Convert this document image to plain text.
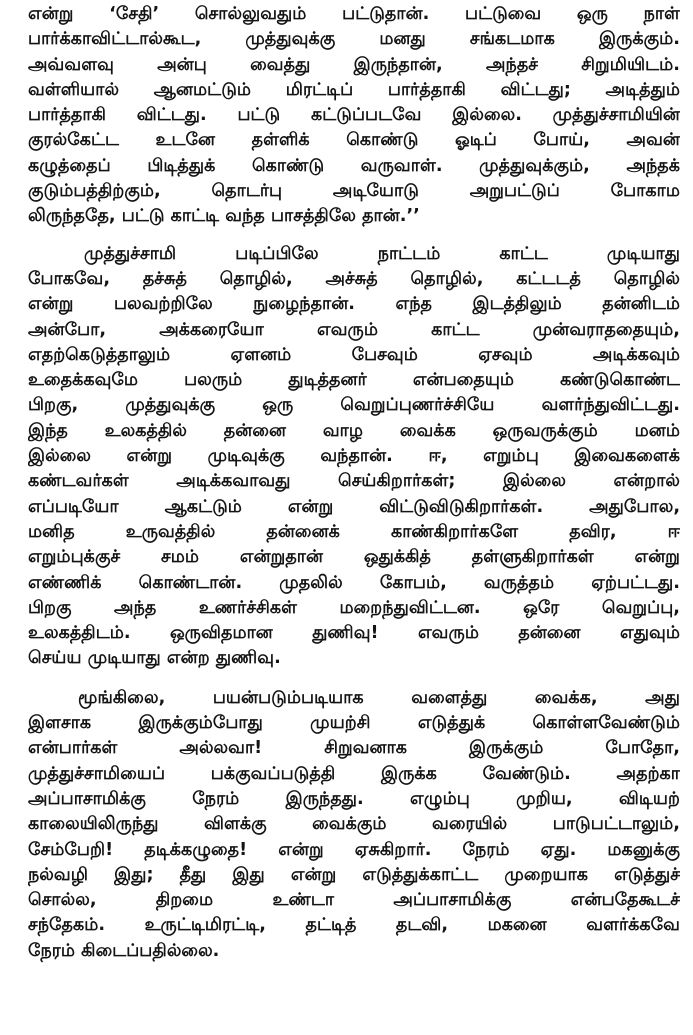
என்று ‘சேதி’ சொல்லுவதும் பட்டுதான். பட்டுவை ஒரு நாள்
பார்க்காவிட்டால்கூட, முத்துவுக்கு மனது சங்கடமாக இருக்கும்.
அவ்வளவு அன்பு வைத்து இருந்தான், அந்தச் சிறுமியிடம்.
வள்ளியால் ஆனமட்டும் மிரட்டிப் பார்த்தாகி விட்டது; அடித்தும்
பார்த்தாகி விட்டது. பட்டு கட்டுப்படவே இல்லை. முத்துச்சாமியின்
குரல்கேட்ட உடனே தள்ளிக் கொண்டு ஓடிப் போய், அவன்
கழுத்தைப் பிடித்துக் கொண்டு வருவாள். முத்துவுக்கும், அந்தக்
குடும்பத்திற்கும், தொடர்பு அடியோடு அறுபட்டுப் போகாம
லிருந்ததே, பட்டு காட்டி வந்த பாசத்திலே தான்.’’

முத்துச்சாமி படிப்பிலே நாட்டம் காட்ட முடியாது
போகவே, தச்சுத் தொழில், அச்சுத் தொழில், கட்டடத் தொழில்
என்று பலவற்றிலே நுழைந்தான். எந்த இடத்திலும் தன்னிடம்
அன்போ, அக்கரையோ எவரும் காட்ட முன்வராததையும்,
எதற்கெடுத்தாலும் ஏளனம் பேசவும் ஏசவும் அடிக்கவும்
உதைக்கவுமே பலரும் துடித்தனர் என்பதையும் கண்டுகொண்ட
பிறகு, முத்துவுக்கு ஒரு வெறுப்புணர்ச்சியே வளர்ந்துவிட்டது.
இந்த உலகத்தில் தன்னை வாழ வைக்க ஒருவருக்கும் மனம்
இல்லை என்று முடிவுக்கு வந்தான். ஈ, எறும்பு இவைகளைக்
கண்டவர்கள் அடிக்கவாவது செய்கிறார்கள்; இல்லை என்றால்
எப்படியோ ஆகட்டும் என்று விட்டுவிடுகிறார்கள். அதுபோல,
மனித உருவத்தில் தன்னைக் காண்கிறார்களே தவிர, ஈ
எறும்புக்குச் சமம் என்றுதான் ஒதுக்கித் தள்ளுகிறார்கள் என்று
எண்ணிக் கொண்டான். முதலில் கோபம், வருத்தம் ஏற்பட்டது.
பிறகு அந்த உணர்ச்சிகள் மறைந்துவிட்டன. ஒரே வெறுப்பு,
உலகத்திடம். ஒருவிதமான துணிவு! எவரும் தன்னை எதுவும்
செய்ய முடியாது என்ற துணிவு.

மூங்கிலை, பயன்படும்படியாக வளைத்து வைக்க, அது
இளசாக இருக்கும்போது முயற்சி எடுத்துக் கொள்ளவேண்டும்
என்பார்கள் அல்லவா! சிறுவனாக இருக்கும் போதோ,
முத்துச்சாமியைப் பக்குவப்படுத்தி இருக்க வேண்டும். அதற்கா
அப்பாசாமிக்கு நேரம் இருந்தது. எழும்பு முறிய, விடியற்
காலையிலிருந்து விளக்கு வைக்கும் வரையில் பாடுபட்டாலும்,
சேம்பேறி! தடிக்கழுதை! என்று ஏசுகிறார். நேரம் ஏது. மகனுக்கு
நல்வழி இது; தீது இது என்று எடுத்துக்காட்ட முறையாக எடுத்துச்
சொல்ல, திறமை உண்டா அப்பாசாமிக்கு என்பதேகூடச்
சந்தேகம். உருட்டிமிரட்டி, தட்டித் தடவி, மகனை வளர்க்கவே
நேரம் கிடைப்பதில்லை.
